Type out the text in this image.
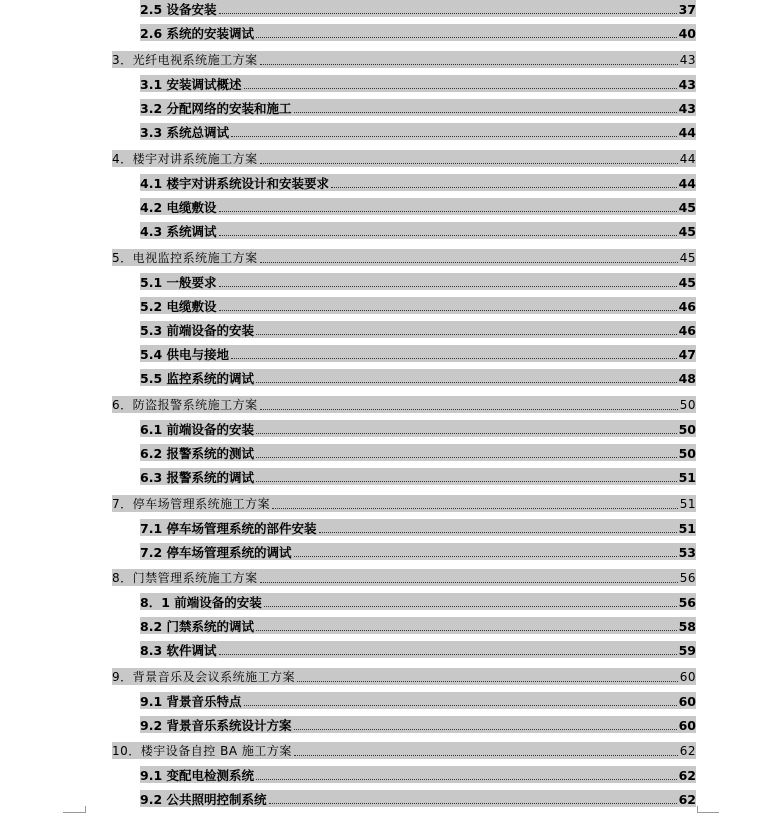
2.5 设备安装	37
2.6 系统的安装调试	40
3．光纤电视系统施工方案	43
3.1 安装调试概述	43
3.2 分配网络的安装和施工	43
3.3 系统总调试	44
4．楼宇对讲系统施工方案	44
4.1 楼宇对讲系统设计和安装要求	44
4.2 电缆敷设	45
4.3 系统调试	45
5．电视监控系统施工方案	45
5.1 一般要求	45
5.2 电缆敷设	46
5.3 前端设备的安装	46
5.4 供电与接地	47
5.5 监控系统的调试	48
6．防盗报警系统施工方案	50
6.1 前端设备的安装	50
6.2 报警系统的测试	50
6.3 报警系统的调试	51
7．停车场管理系统施工方案	51
7.1 停车场管理系统的部件安装	51
7.2 停车场管理系统的调试	53
8．门禁管理系统施工方案	56
8．1 前端设备的安装	56
8.2 门禁系统的调试	58
8.3 软件调试	59
9．背景音乐及会议系统施工方案	60
9.1 背景音乐特点	60
9.2 背景音乐系统设计方案	60
10．楼宇设备自控 BA 施工方案	62
9.1 变配电检测系统	62
9.2 公共照明控制系统	62
